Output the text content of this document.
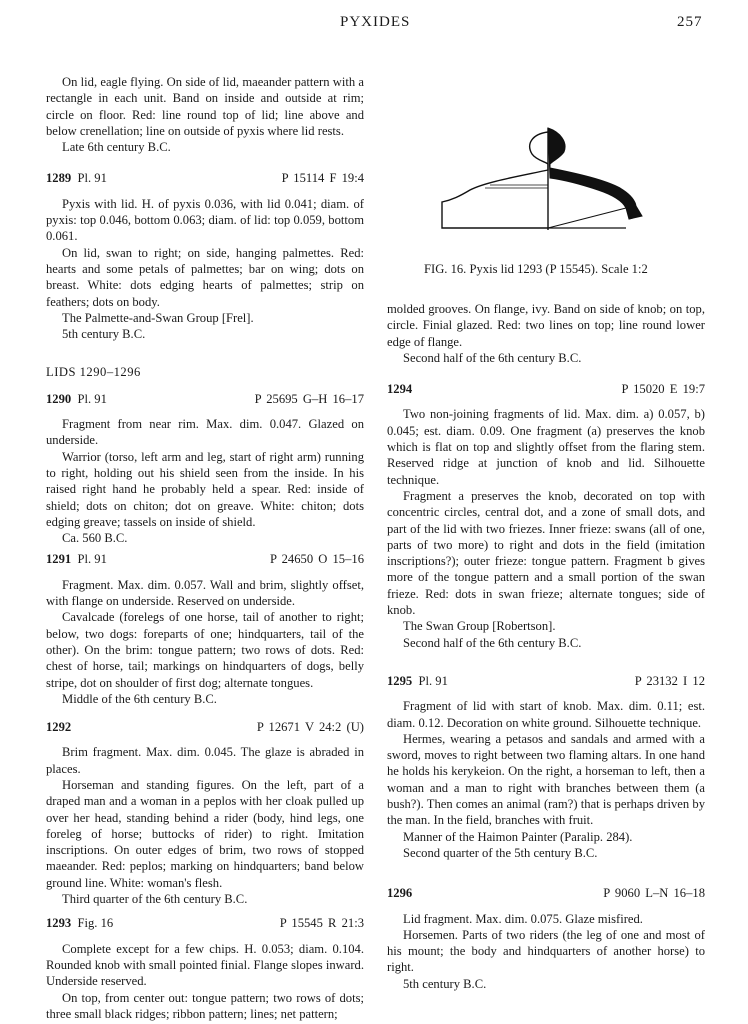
PYXIDES	257

On lid, eagle flying. On side of lid, maeander pattern with a rectangle in each unit. Band on inside and outside at rim; circle on floor. Red: line round top of lid; line above and below crenellation; line on outside of pyxis where lid rests.

Late 6th century B.C.

1289 Pl. 91	P 15114 F 19:4

Pyxis with lid. H. of pyxis 0.036, with lid 0.041; diam. of pyxis: top 0.046, bottom 0.063; diam. of lid: top 0.059, bottom 0.061.

On lid, swan to right; on side, hanging palmettes. Red: hearts and some petals of palmettes; bar on wing; dots on breast. White: dots edging hearts of palmettes; strip on feathers; dots on body.

The Palmette-and-Swan Group [Frel].

5th century B.C.

LIDS 1290–1296

1290 Pl. 91	P 25695 G–H 16–17

Fragment from near rim. Max. dim. 0.047. Glazed on underside.

Warrior (torso, left arm and leg, start of right arm) running to right, holding out his shield seen from the inside. In his raised right hand he probably held a spear. Red: inside of shield; dots on chiton; dot on greave. White: chiton; dots edging greave; tassels on inside of shield.

Ca. 560 B.C.

1291 Pl. 91	P 24650 O 15–16

Fragment. Max. dim. 0.057. Wall and brim, slightly offset, with flange on underside. Reserved on underside.

Cavalcade (forelegs of one horse, tail of another to right; below, two dogs: foreparts of one; hindquarters, tail of the other). On the brim: tongue pattern; two rows of dots. Red: chest of horse, tail; markings on hindquarters of dogs, belly stripe, dot on shoulder of first dog; alternate tongues.

Middle of the 6th century B.C.

1292	P 12671 V 24:2 (U)

Brim fragment. Max. dim. 0.045. The glaze is abraded in places.

Horseman and standing figures. On the left, part of a draped man and a woman in a peplos with her cloak pulled up over her head, standing behind a rider (body, hind legs, one foreleg of horse; buttocks of rider) to right. Imitation inscriptions. On outer edges of brim, two rows of stopped maeander. Red: peplos; marking on hindquarters; band below ground line. White: woman's flesh.

Third quarter of the 6th century B.C.

1293 Fig. 16	P 15545 R 21:3

Complete except for a few chips. H. 0.053; diam. 0.104. Rounded knob with small pointed finial. Flange slopes inward. Underside reserved.

On top, from center out: tongue pattern; two rows of dots; three small black ridges; ribbon pattern; lines; net pattern;

FIG. 16. Pyxis lid 1293 (P 15545). Scale 1:2

molded grooves. On flange, ivy. Band on side of knob; on top, circle. Finial glazed. Red: two lines on top; line round lower edge of flange.

Second half of the 6th century B.C.

1294	P 15020 E 19:7

Two non-joining fragments of lid. Max. dim. a) 0.057, b) 0.045; est. diam. 0.09. One fragment (a) preserves the knob which is flat on top and slightly offset from the flaring stem. Reserved ridge at junction of knob and lid. Silhouette technique.

Fragment a preserves the knob, decorated on top with concentric circles, central dot, and a zone of small dots, and part of the lid with two friezes. Inner frieze: swans (all of one, parts of two more) to right and dots in the field (imitation inscriptions?); outer frieze: tongue pattern. Fragment b gives more of the tongue pattern and a small portion of the swan frieze. Red: dots in swan frieze; alternate tongues; side of knob.

The Swan Group [Robertson].

Second half of the 6th century B.C.

1295 Pl. 91	P 23132 I 12

Fragment of lid with start of knob. Max. dim. 0.11; est. diam. 0.12. Decoration on white ground. Silhouette technique.

Hermes, wearing a petasos and sandals and armed with a sword, moves to right between two flaming altars. In one hand he holds his kerykeion. On the right, a horseman to left, then a woman and a man to right with branches between them (a bush?). Then comes an animal (ram?) that is perhaps driven by the man. In the field, branches with fruit.

Manner of the Haimon Painter (Paralip. 284).

Second quarter of the 5th century B.C.

1296	P 9060 L–N 16–18

Lid fragment. Max. dim. 0.075. Glaze misfired.

Horsemen. Parts of two riders (the leg of one and most of his mount; the body and hindquarters of another horse) to right.

5th century B.C.
